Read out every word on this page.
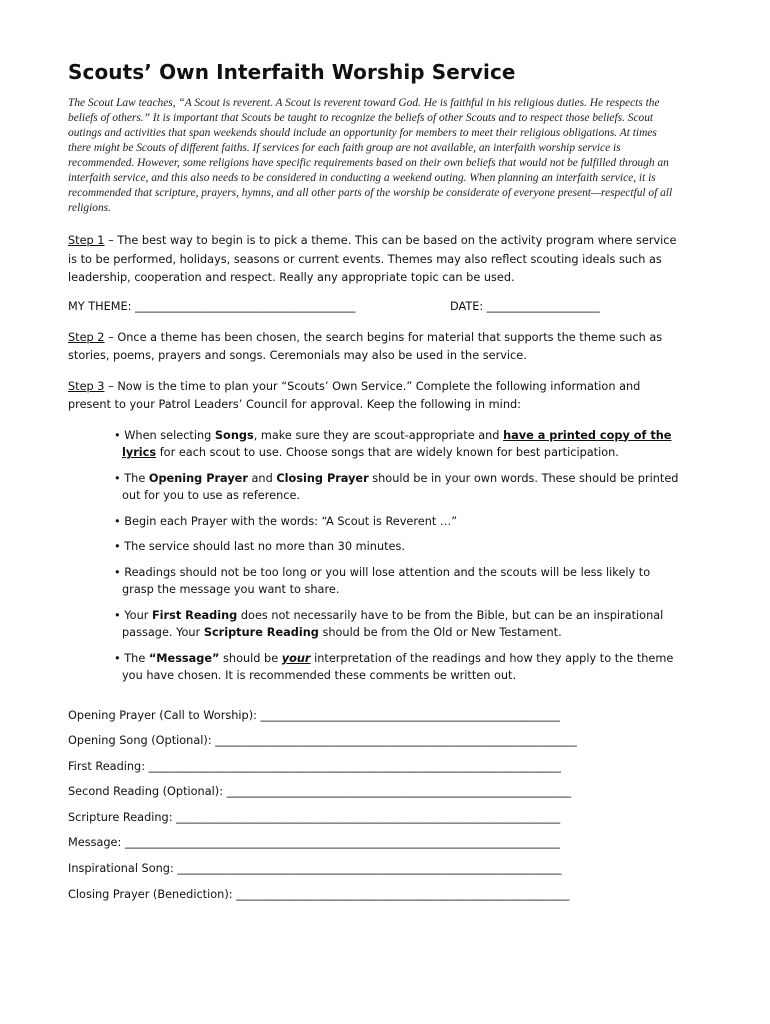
Scouts’ Own Interfaith Worship Service

The Scout Law teaches, “A Scout is reverent. A Scout is reverent toward God. He is faithful in his religious duties. He respects the beliefs of others.” It is important that Scouts be taught to recognize the beliefs of other Scouts and to respect those beliefs. Scout outings and activities that span weekends should include an opportunity for members to meet their religious obligations. At times there might be Scouts of different faiths. If services for each faith group are not available, an interfaith worship service is recommended. However, some religions have specific requirements based on their own beliefs that would not be fulfilled through an interfaith service, and this also needs to be considered in conducting a weekend outing. When planning an interfaith service, it is recommended that scripture, prayers, hymns, and all other parts of the worship be considerate of everyone present—respectful of all religions.

Step 1 – The best way to begin is to pick a theme. This can be based on the activity program where service is to be performed, holidays, seasons or current events. Themes may also reflect scouting ideals such as leadership, cooperation and respect. Really any appropriate topic can be used.

MY THEME: _______________________________________	DATE: ____________________

Step 2 – Once a theme has been chosen, the search begins for material that supports the theme such as stories, poems, prayers and songs. Ceremonials may also be used in the service.

Step 3 – Now is the time to plan your “Scouts’ Own Service.” Complete the following information and present to your Patrol Leaders’ Council for approval. Keep the following in mind:

• When selecting Songs, make sure they are scout-appropriate and have a printed copy of the lyrics for each scout to use. Choose songs that are widely known for best participation.
• The Opening Prayer and Closing Prayer should be in your own words. These should be printed out for you to use as reference.
• Begin each Prayer with the words: “A Scout is Reverent …”
• The service should last no more than 30 minutes.
• Readings should not be too long or you will lose attention and the scouts will be less likely to grasp the message you want to share.
• Your First Reading does not necessarily have to be from the Bible, but can be an inspirational passage. Your Scripture Reading should be from the Old or New Testament.
• The “Message” should be your interpretation of the readings and how they apply to the theme you have chosen. It is recommended these comments be written out.
Opening Prayer (Call to Worship): _____________________________________________________
Opening Song (Optional): ________________________________________________________________
First Reading: _________________________________________________________________________
Second Reading (Optional): _____________________________________________________________
Scripture Reading: ____________________________________________________________________
Message: _____________________________________________________________________________
Inspirational Song: ____________________________________________________________________
Closing Prayer (Benediction): ___________________________________________________________
